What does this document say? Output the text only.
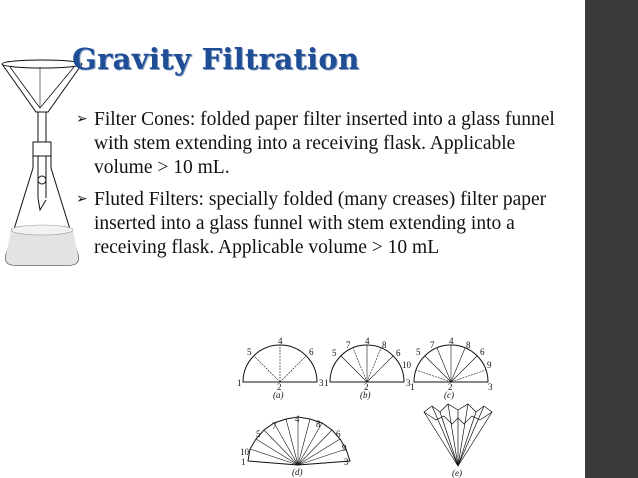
Gravity Filtration
➢ Filter Cones: folded paper filter inserted into a glass funnel with stem extending into a receiving flask. Applicable volume > 10 mL.
➢ Fluted Filters: specially folded (many creases) filter paper inserted into a glass funnel with stem extending into a receiving flask. Applicable volume > 10 mL
1	2	3
4
5	6
(a)
1	2	3
4
5	6
7	8
(b)
1	2	3
4
5	6
7	8
9
10
(c)
1	3
4
5	6
7	8
9
10
(d)	(e)
